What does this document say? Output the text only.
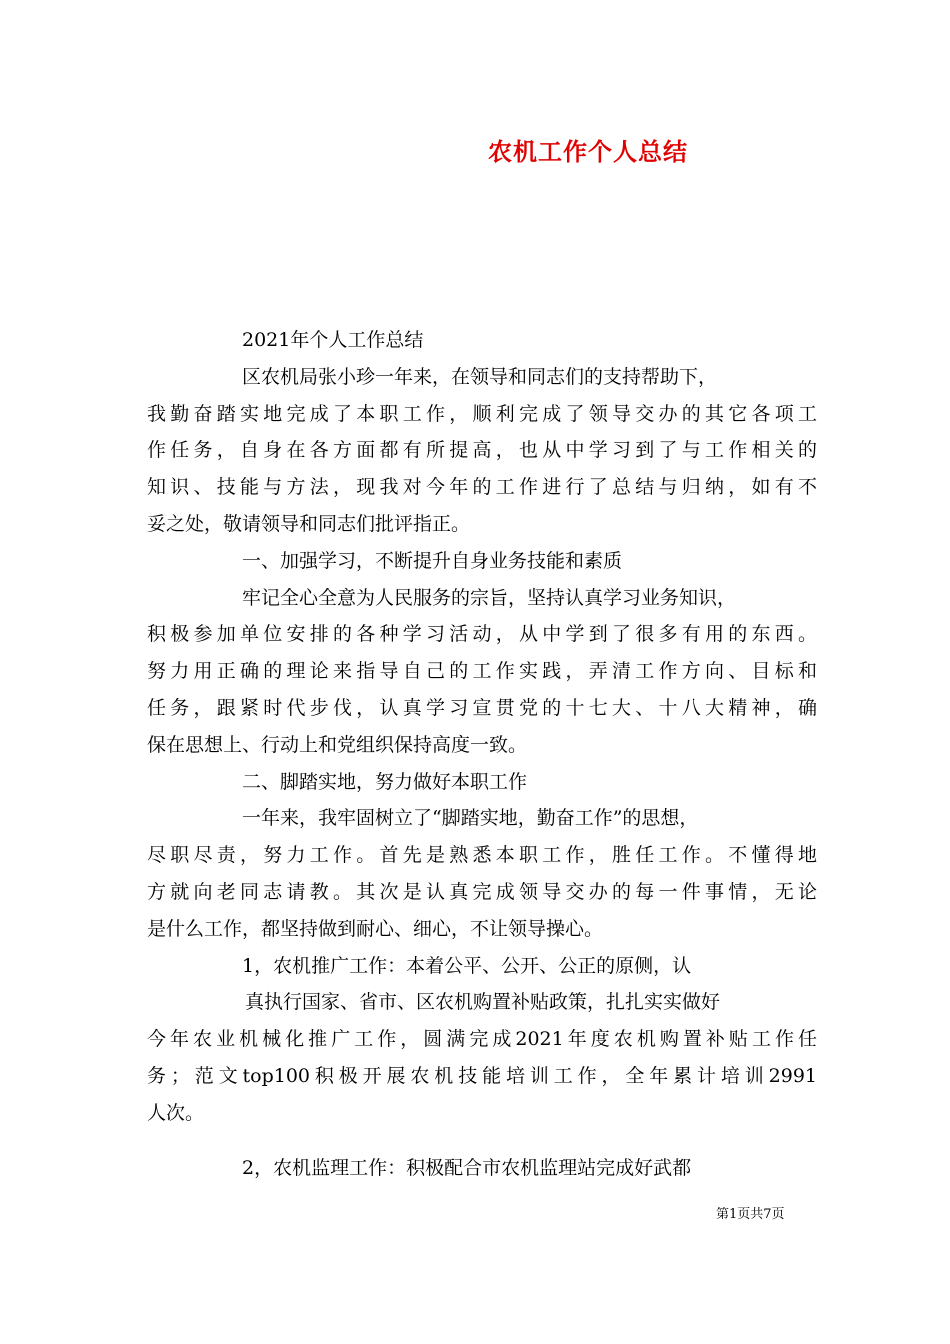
农机工作个人总结
2021年个人工作总结
区农机局张小珍一年来，在领导和同志们的支持帮助下，
我勤奋踏实地完成了本职工作，顺利完成了领导交办的其它各项工
作任务，自身在各方面都有所提高，也从中学习到了与工作相关的
知识、技能与方法，现我对今年的工作进行了总结与归纳，如有不
妥之处，敬请领导和同志们批评指正。
一、加强学习，不断提升自身业务技能和素质
牢记全心全意为人民服务的宗旨，坚持认真学习业务知识，
积极参加单位安排的各种学习活动，从中学到了很多有用的东西。
努力用正确的理论来指导自己的工作实践，弄清工作方向、目标和
任务，跟紧时代步伐，认真学习宣贯党的十七大、十八大精神，确
保在思想上、行动上和党组织保持高度一致。
二、脚踏实地，努力做好本职工作
一年来，我牢固树立了“脚踏实地，勤奋工作”的思想，
尽职尽责，努力工作。首先是熟悉本职工作，胜任工作。不懂得地
方就向老同志请教。其次是认真完成领导交办的每一件事情，无论
是什么工作，都坚持做到耐心、细心，不让领导操心。
1，农机推广工作：本着公平、公开、公正的原侧，认
真执行国家、省市、区农机购置补贴政策，扎扎实实做好
今年农业机械化推广工作，圆满完成2021年度农机购置补贴工作任
务；范文top100积极开展农机技能培训工作，全年累计培训2991
人次。
2，农机监理工作：积极配合市农机监理站完成好武都
第1页共7页
